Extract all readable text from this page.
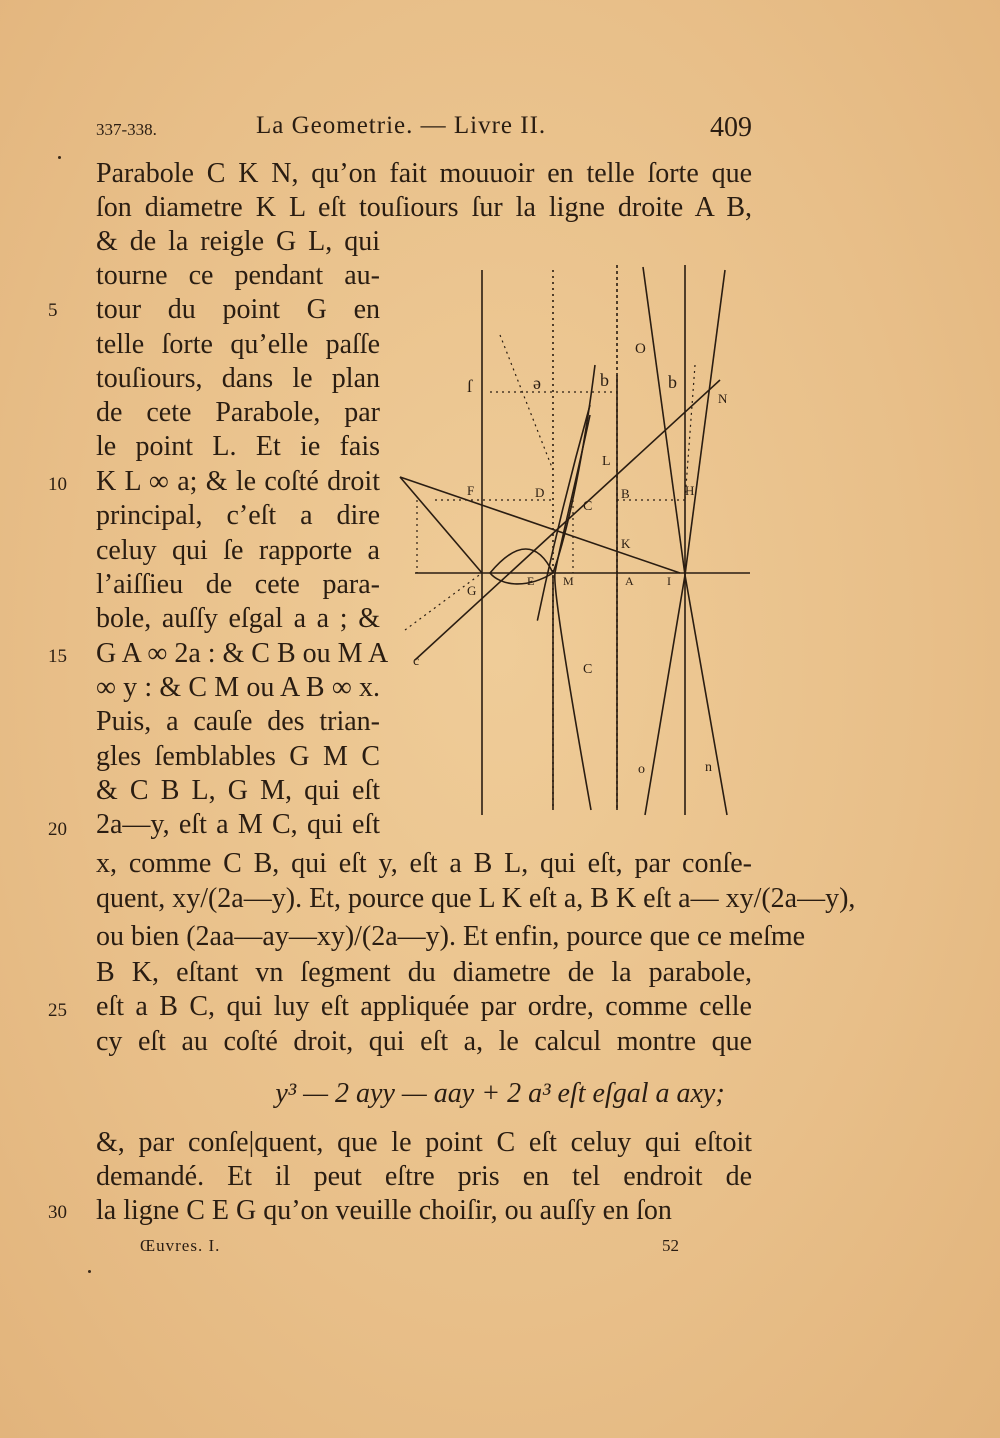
337-338.	La Geometrie. — Livre II.	409
Parabole C K N, qu’on fait mouuoir en telle ſorte que
ſon diametre K L eſt touſiours ſur la ligne droite A B,
& de la reigle G L, qui
tourne ce pendant au-
tour du point G en
telle ſorte qu’elle paſſe
touſiours, dans le plan
de cete Parabole, par
le point L. Et ie fais
K L ∞ a; & le coſté droit
principal, c’eſt a dire
celuy qui ſe rapporte a
l’aiſſieu de cete para-
bole, auſſy eſgal a a ; &
G A ∞ 2a : & C B ou M A
∞ y : & C M ou A B ∞ x.
Puis, a cauſe des trian-
gles ſemblables G M C
& C B L, G M, qui eſt
2a—y, eſt a M C, qui eſt
x, comme C B, qui eſt y, eſt a B L, qui eſt, par conſe-
quent, xy/(2a—y). Et, pource que L K eſt a, B K eſt a— xy/(2a—y),
ou bien (2aa—ay—xy)/(2a—y). Et enfin, pource que ce meſme
B K, eſtant vn ſegment du diametre de la parabole,
eſt a B C, qui luy eſt appliquée par ordre, comme celle
cy eſt au coſté droit, qui eſt a, le calcul montre que
y³ — 2 ayy — aay + 2 a³ eſt eſgal a axy;
&, par conſe|quent, que le point C eſt celuy qui eſtoit
demandé. Et il peut eſtre pris en tel endroit de
la ligne C E G qu’on veuille choiſir, ou auſſy en ſon
5
10
15
20
25
30
ſ	ə	b	b
O
N
L
F	D
C
B	H
K
G
E M	A	I
c
C
o	n
Œuvres. I.	52
